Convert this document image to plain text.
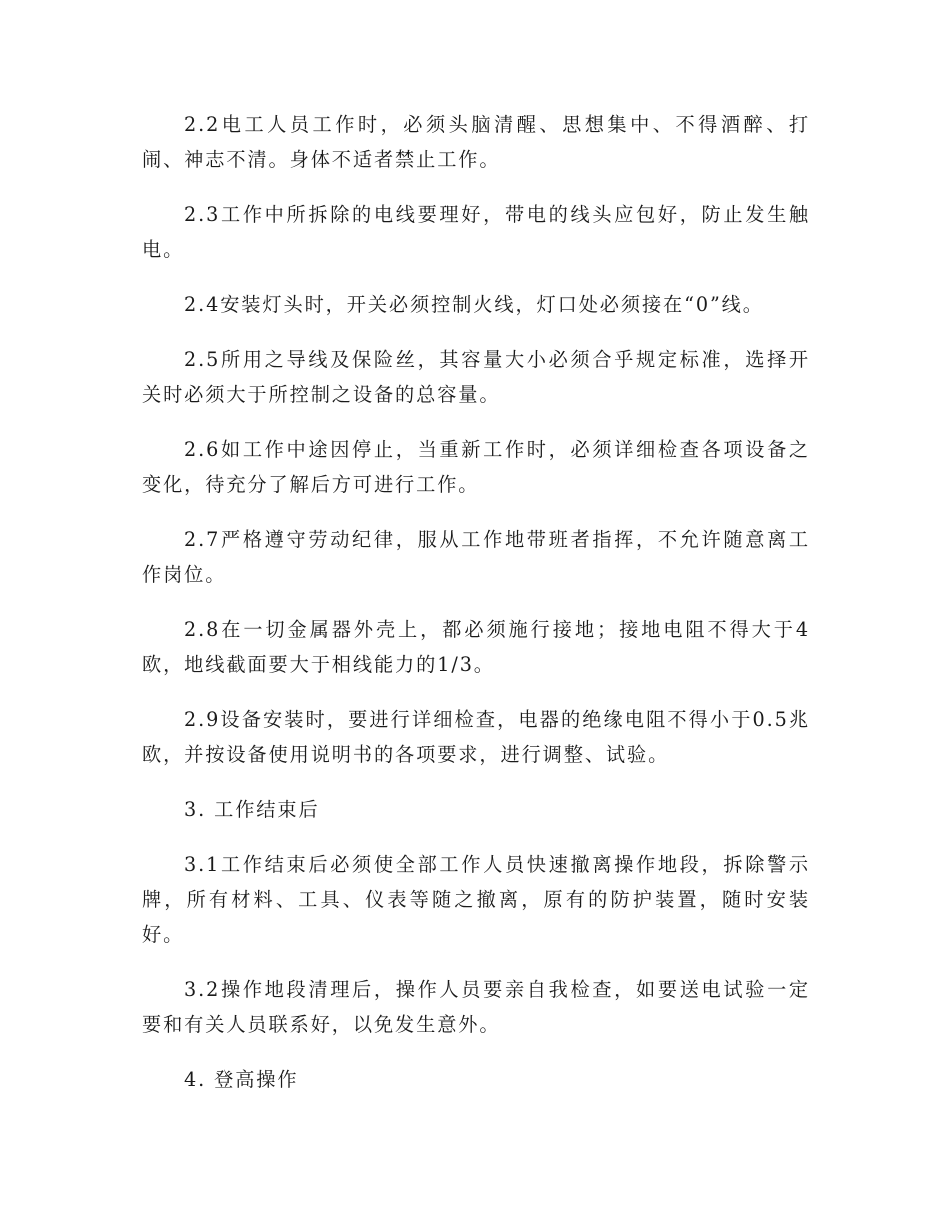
2.2电工人员工作时，必须头脑清醒、思想集中、不得酒醉、打闹、神志不清。身体不适者禁止工作。

2.3工作中所拆除的电线要理好，带电的线头应包好，防止发生触电。

2.4安装灯头时，开关必须控制火线，灯口处必须接在“0”线。

2.5所用之导线及保险丝，其容量大小必须合乎规定标准，选择开关时必须大于所控制之设备的总容量。

2.6如工作中途因停止，当重新工作时，必须详细检查各项设备之变化，待充分了解后方可进行工作。

2.7严格遵守劳动纪律，服从工作地带班者指挥，不允许随意离工作岗位。

2.8在一切金属器外壳上，都必须施行接地；接地电阻不得大于4欧，地线截面要大于相线能力的1/3。

2.9设备安装时，要进行详细检查，电器的绝缘电阻不得小于0.5兆欧，并按设备使用说明书的各项要求，进行调整、试验。

3. 工作结束后

3.1工作结束后必须使全部工作人员快速撤离操作地段，拆除警示牌，所有材料、工具、仪表等随之撤离，原有的防护装置，随时安装好。

3.2操作地段清理后，操作人员要亲自我检查，如要送电试验一定要和有关人员联系好，以免发生意外。

4. 登高操作
